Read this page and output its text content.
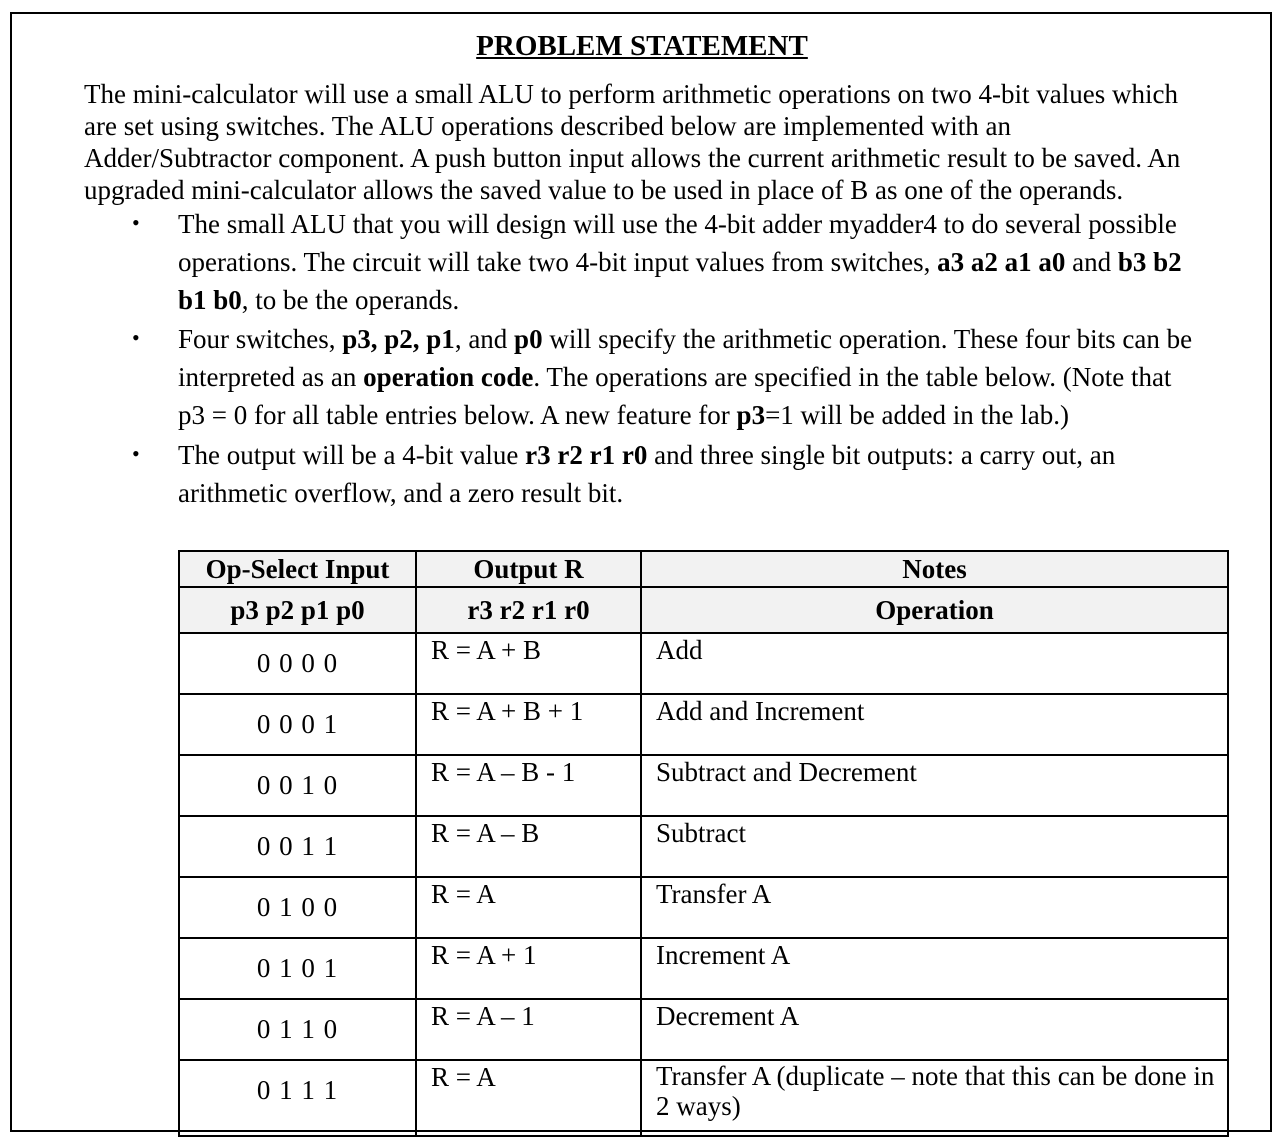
PROBLEM STATEMENT
The mini-calculator will use a small ALU to perform arithmetic operations on two 4-bit values which
are set using switches. The ALU operations described below are implemented with an
Adder/Subtractor component. A push button input allows the current arithmetic result to be saved. An
upgraded mini-calculator allows the saved value to be used in place of B as one of the operands.
• The small ALU that you will design will use the 4-bit adder myadder4 to do several possible
operations. The circuit will take two 4-bit input values from switches, a3 a2 a1 a0 and b3 b2
b1 b0, to be the operands.
• Four switches, p3, p2, p1, and p0 will specify the arithmetic operation. These four bits can be
interpreted as an operation code. The operations are specified in the table below. (Note that
p3 = 0 for all table entries below. A new feature for p3=1 will be added in the lab.)
• The output will be a 4-bit value r3 r2 r1 r0 and three single bit outputs: a carry out, an
arithmetic overflow, and a zero result bit.
Op-Select Input	Output R	Notes
p3 p2 p1 p0	r3 r2 r1 r0	Operation
0 0 0 0	R = A + B	Add
0 0 0 1	R = A + B + 1	Add and Increment
0 0 1 0	R = A – B - 1	Subtract and Decrement
0 0 1 1	R = A – B	Subtract
0 1 0 0	R = A	Transfer A
0 1 0 1	R = A + 1	Increment A
0 1 1 0	R = A – 1	Decrement A
0 1 1 1	R = A	Transfer A (duplicate – note that this can be done in 2 ways)
